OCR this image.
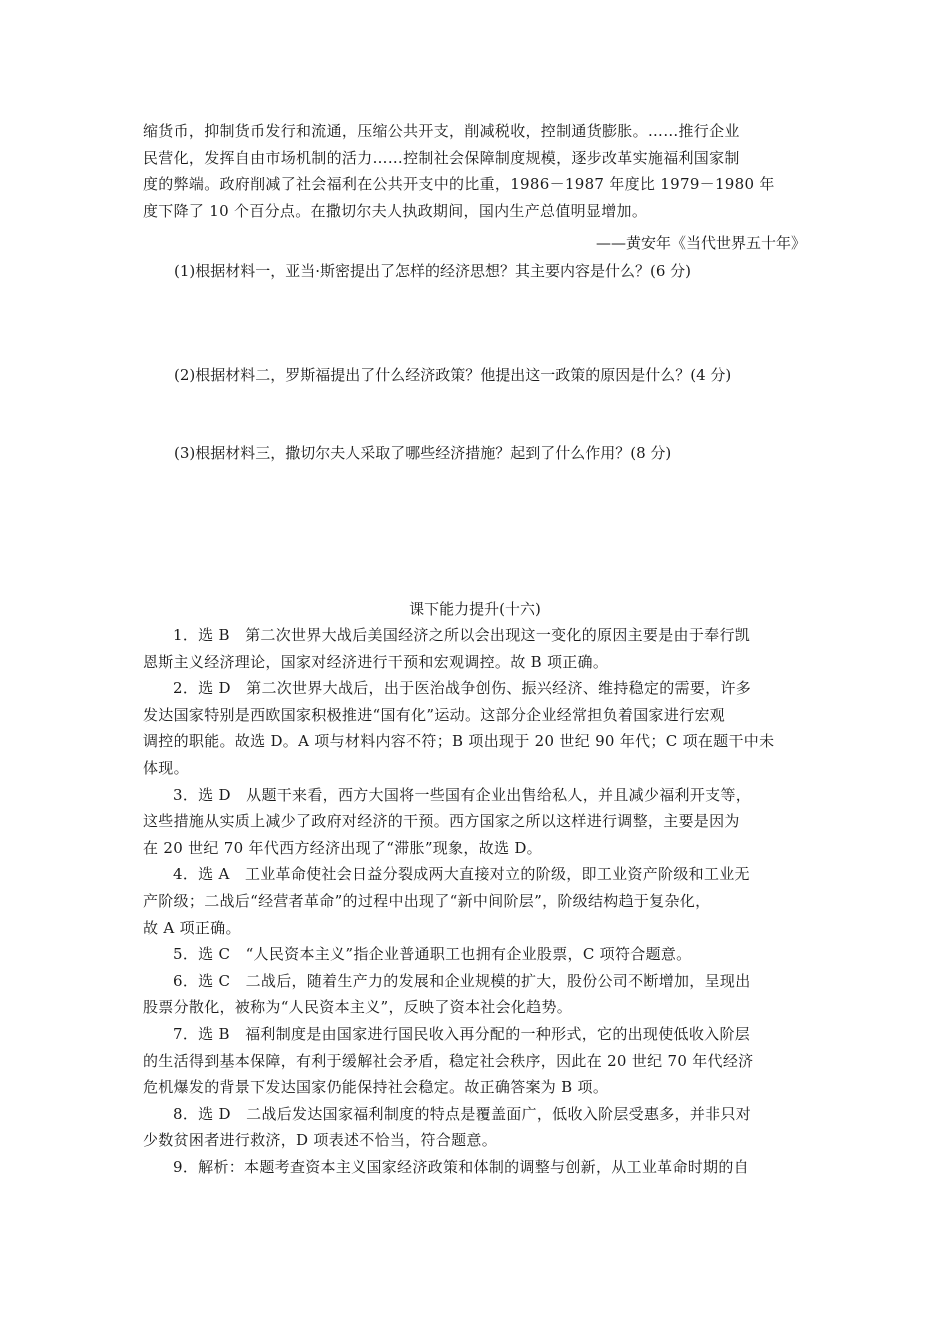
缩货币，抑制货币发行和流通，压缩公共开支，削减税收，控制通货膨胀。……推行企业
民营化，发挥自由市场机制的活力……控制社会保障制度规模，逐步改革实施福利国家制
度的弊端。政府削减了社会福利在公共开支中的比重，1986－1987 年度比 1979－1980 年
度下降了 10 个百分点。在撒切尔夫人执政期间，国内生产总值明显增加。
——黄安年《当代世界五十年》
(1)根据材料一，亚当·斯密提出了怎样的经济思想？其主要内容是什么？(6 分)
(2)根据材料二，罗斯福提出了什么经济政策？他提出这一政策的原因是什么？(4 分)
(3)根据材料三，撒切尔夫人采取了哪些经济措施？起到了什么作用？(8 分)
课下能力提升(十六)
1．选 B　第二次世界大战后美国经济之所以会出现这一变化的原因主要是由于奉行凯
恩斯主义经济理论，国家对经济进行干预和宏观调控。故 B 项正确。
2．选 D　第二次世界大战后，出于医治战争创伤、振兴经济、维持稳定的需要，许多
发达国家特别是西欧国家积极推进“国有化”运动。这部分企业经常担负着国家进行宏观
调控的职能。故选 D。A 项与材料内容不符；B 项出现于 20 世纪 90 年代；C 项在题干中未
体现。
3．选 D　从题干来看，西方大国将一些国有企业出售给私人，并且减少福利开支等，
这些措施从实质上减少了政府对经济的干预。西方国家之所以这样进行调整，主要是因为
在 20 世纪 70 年代西方经济出现了“滞胀”现象，故选 D。
4．选 A　工业革命使社会日益分裂成两大直接对立的阶级，即工业资产阶级和工业无
产阶级；二战后“经营者革命”的过程中出现了“新中间阶层”，阶级结构趋于复杂化，
故 A 项正确。
5．选 C　“人民资本主义”指企业普通职工也拥有企业股票，C 项符合题意。
6．选 C　二战后，随着生产力的发展和企业规模的扩大，股份公司不断增加，呈现出
股票分散化，被称为“人民资本主义”，反映了资本社会化趋势。
7．选 B　福利制度是由国家进行国民收入再分配的一种形式，它的出现使低收入阶层
的生活得到基本保障，有利于缓解社会矛盾，稳定社会秩序，因此在 20 世纪 70 年代经济
危机爆发的背景下发达国家仍能保持社会稳定。故正确答案为 B 项。
8．选 D　二战后发达国家福利制度的特点是覆盖面广，低收入阶层受惠多，并非只对
少数贫困者进行救济，D 项表述不恰当，符合题意。
9．解析：本题考查资本主义国家经济政策和体制的调整与创新，从工业革命时期的自
